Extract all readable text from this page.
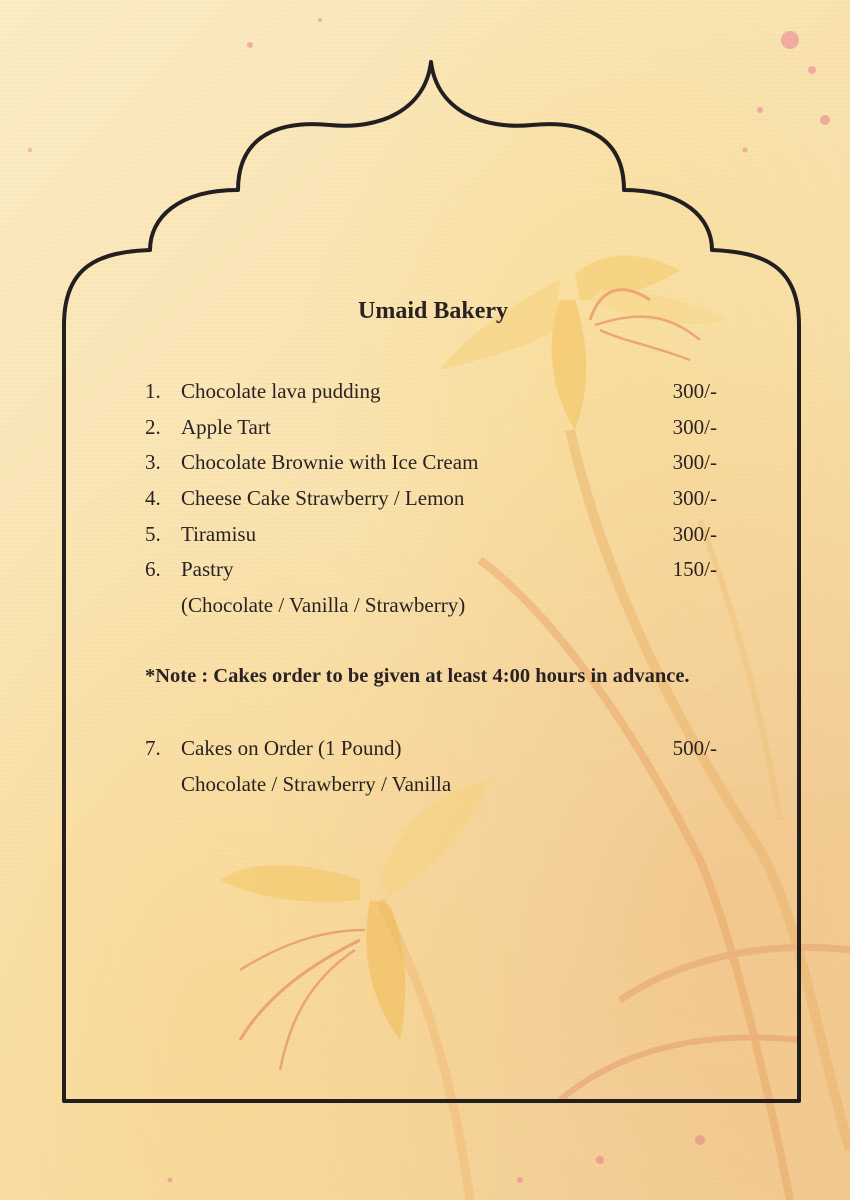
Umaid Bakery
1. Chocolate lava pudding	300/-
2. Apple Tart	300/-
3. Chocolate Brownie with Ice Cream	300/-
4. Cheese Cake Strawberry / Lemon	300/-
5. Tiramisu	300/-
6. Pastry	150/-
(Chocolate / Vanilla / Strawberry)
*Note : Cakes order to be given at least 4:00 hours in advance.
7. Cakes on Order (1 Pound)	500/-
Chocolate / Strawberry / Vanilla
